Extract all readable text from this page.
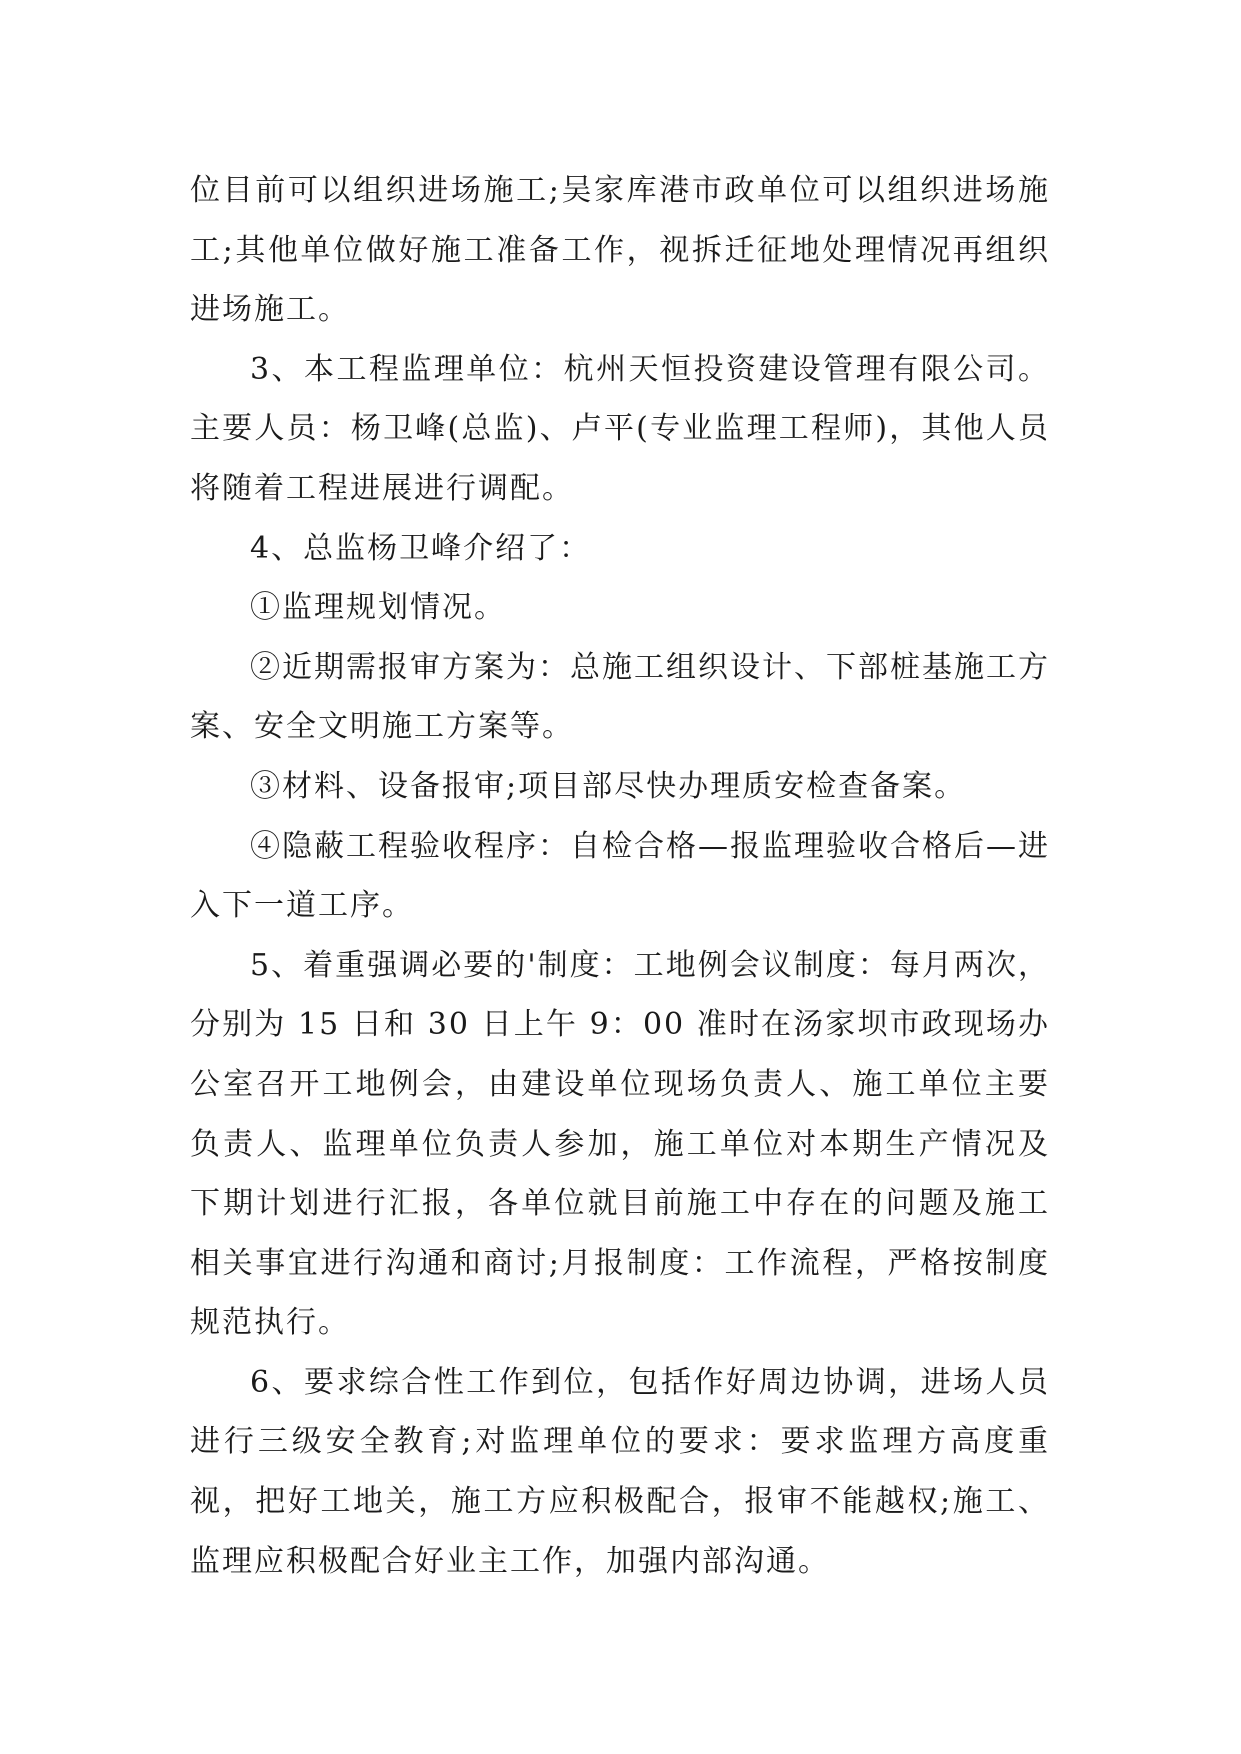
位目前可以组织进场施工;吴家库港市政单位可以组织进场施工;其他单位做好施工准备工作，视拆迁征地处理情况再组织进场施工。

3、本工程监理单位：杭州天恒投资建设管理有限公司。主要人员：杨卫峰(总监)、卢平(专业监理工程师)，其他人员将随着工程进展进行调配。

4、总监杨卫峰介绍了：

①监理规划情况。

②近期需报审方案为：总施工组织设计、下部桩基施工方案、安全文明施工方案等。

③材料、设备报审;项目部尽快办理质安检查备案。

④隐蔽工程验收程序：自检合格—报监理验收合格后—进入下一道工序。

5、着重强调必要的'制度：工地例会议制度：每月两次，分别为 15 日和 30 日上午 9：00 准时在汤家坝市政现场办公室召开工地例会，由建设单位现场负责人、施工单位主要负责人、监理单位负责人参加，施工单位对本期生产情况及下期计划进行汇报，各单位就目前施工中存在的问题及施工相关事宜进行沟通和商讨;月报制度：工作流程，严格按制度规范执行。

6、要求综合性工作到位，包括作好周边协调，进场人员进行三级安全教育;对监理单位的要求：要求监理方高度重视，把好工地关，施工方应积极配合，报审不能越权;施工、监理应积极配合好业主工作，加强内部沟通。
